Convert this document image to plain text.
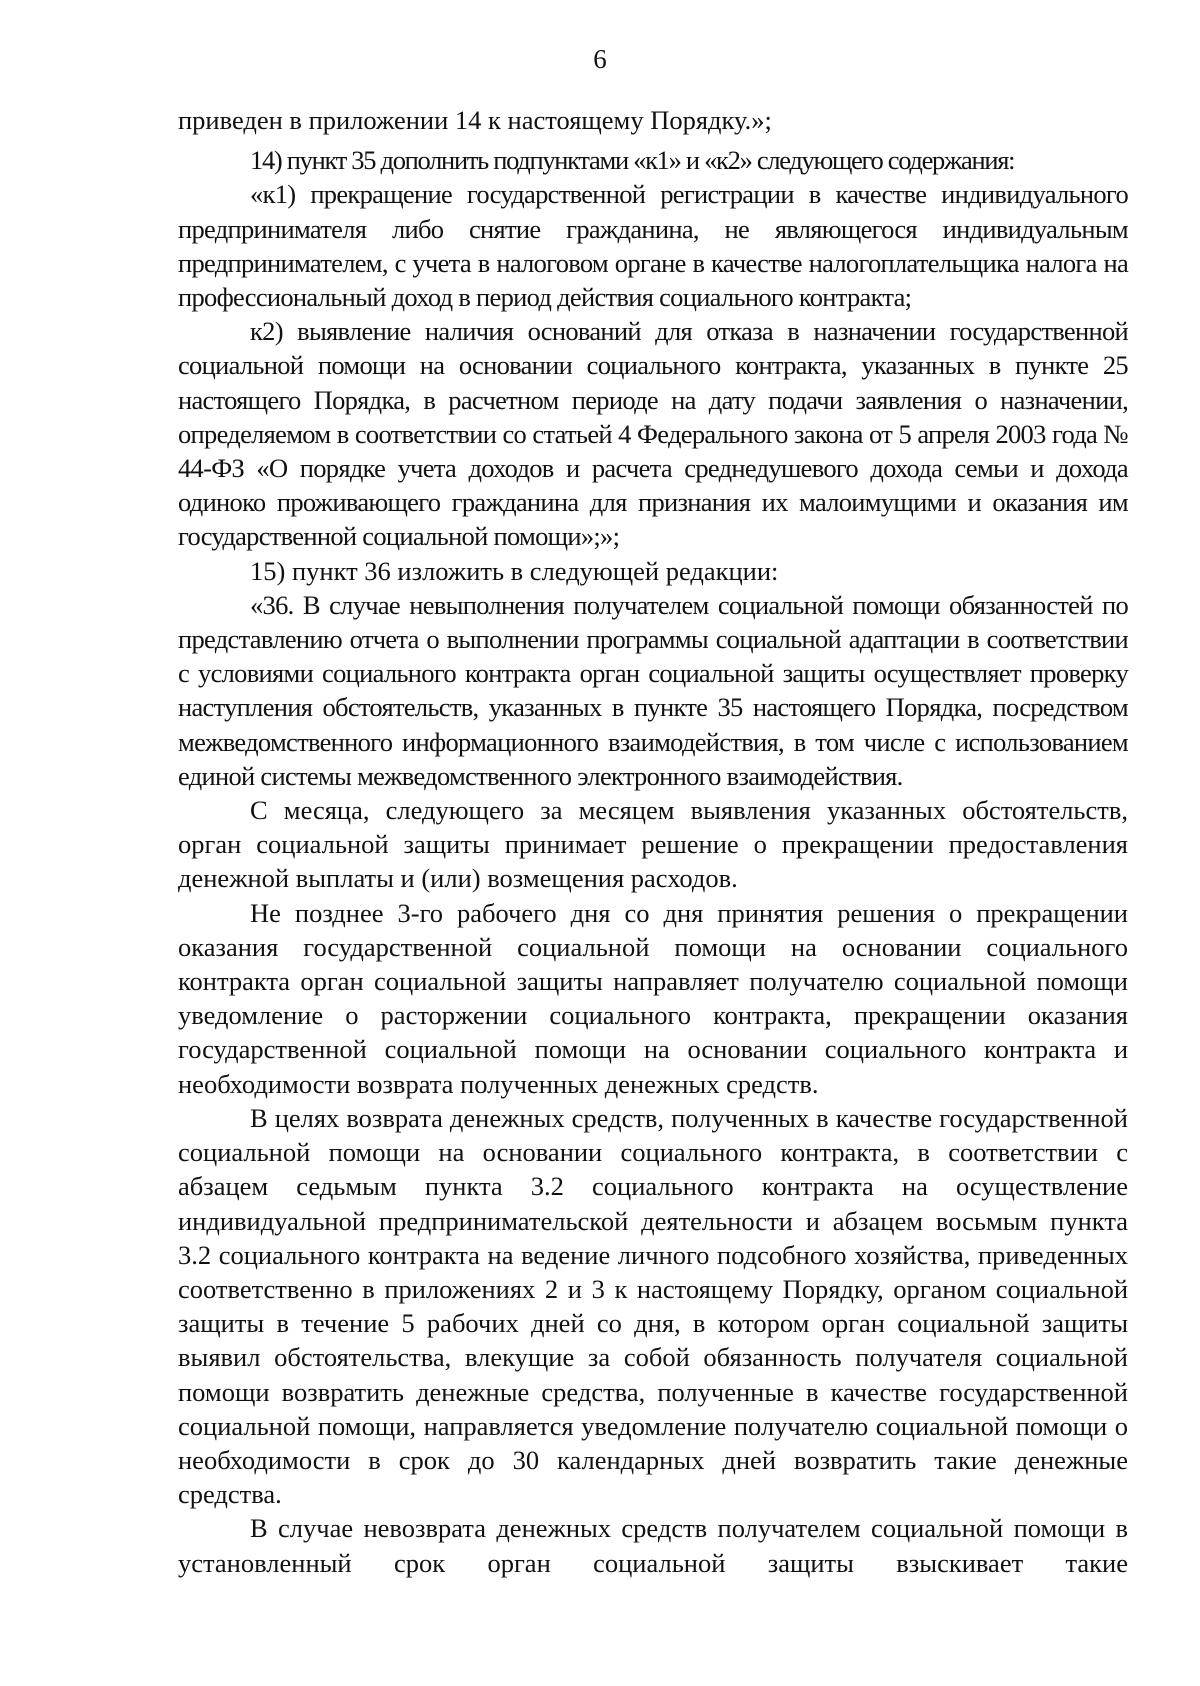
6

приведен в приложении 14 к настоящему Порядку.»;

14) пункт 35 дополнить подпунктами «к1» и «к2» следующего содержания:

«к1) прекращение государственной регистрации в качестве индивидуального предпринимателя либо снятие гражданина, не являющегося индивидуальным предпринимателем, с учета в налоговом органе в качестве налогоплательщика налога на профессиональный доход в период действия социального контракта;

к2) выявление наличия оснований для отказа в назначении государственной социальной помощи на основании социального контракта, указанных в пункте 25 настоящего Порядка, в расчетном периоде на дату подачи заявления о назначении, определяемом в соответствии со статьей 4 Федерального закона от 5 апреля 2003 года № 44-ФЗ «О порядке учета доходов и расчета среднедушевого дохода семьи и дохода одиноко проживающего гражданина для признания их малоимущими и оказания им государственной социальной помощи»;»;

15) пункт 36 изложить в следующей редакции:

«36. В случае невыполнения получателем социальной помощи обязанностей по представлению отчета о выполнении программы социальной адаптации в соответствии с условиями социального контракта орган социальной защиты осуществляет проверку наступления обстоятельств, указанных в пункте 35 настоящего Порядка, посредством межведомственного информационного взаимодействия, в том числе с использованием единой системы межведомственного электронного взаимодействия.

С месяца, следующего за месяцем выявления указанных обстоятельств, орган социальной защиты принимает решение о прекращении предоставления денежной выплаты и (или) возмещения расходов.

Не позднее 3-го рабочего дня со дня принятия решения о прекращении оказания государственной социальной помощи на основании социального контракта орган социальной защиты направляет получателю социальной помощи уведомление о расторжении социального контракта, прекращении оказания государственной социальной помощи на основании социального контракта и необходимости возврата полученных денежных средств.

В целях возврата денежных средств, полученных в качестве государственной социальной помощи на основании социального контракта, в соответствии с абзацем седьмым пункта 3.2 социального контракта на осуществление индивидуальной предпринимательской деятельности и абзацем восьмым пункта 3.2 социального контракта на ведение личного подсобного хозяйства, приведенных соответственно в приложениях 2 и 3 к настоящему Порядку, органом социальной защиты в течение 5 рабочих дней со дня, в котором орган социальной защиты выявил обстоятельства, влекущие за собой обязанность получателя социальной помощи возвратить денежные средства, полученные в качестве государственной социальной помощи, направляется уведомление получателю социальной помощи о необходимости в срок до 30 календарных дней возвратить такие денежные средства.

В случае невозврата денежных средств получателем социальной помощи в установленный срок орган социальной защиты взыскивает такие
